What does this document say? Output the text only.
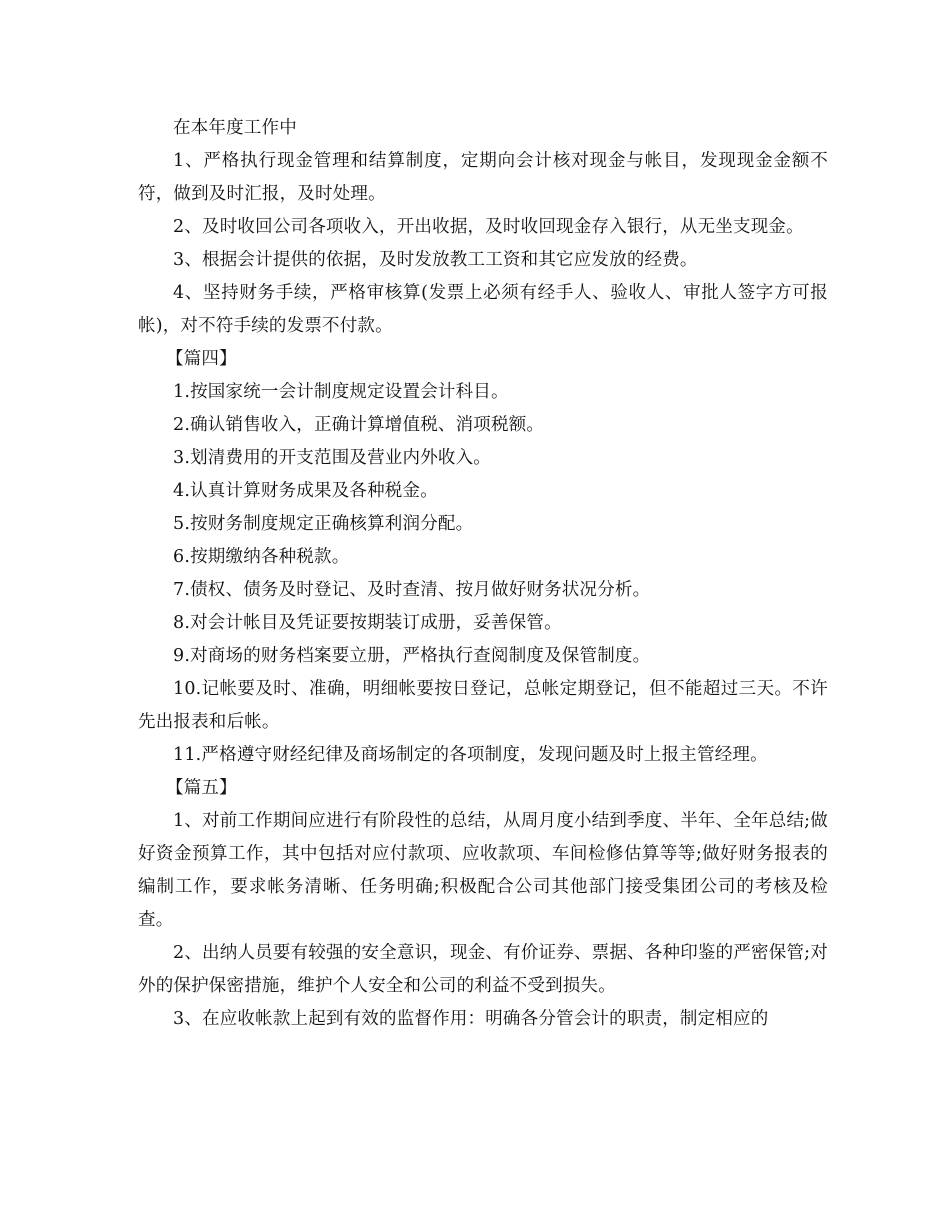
在本年度工作中

1、严格执行现金管理和结算制度，定期向会计核对现金与帐目，发现现金金额不符，做到及时汇报，及时处理。

2、及时收回公司各项收入，开出收据，及时收回现金存入银行，从无坐支现金。

3、根据会计提供的依据，及时发放教工工资和其它应发放的经费。

4、坚持财务手续，严格审核算(发票上必须有经手人、验收人、审批人签字方可报帐)，对不符手续的发票不付款。

【篇四】

1.按国家统一会计制度规定设置会计科目。

2.确认销售收入，正确计算增值税、消项税额。

3.划清费用的开支范围及营业内外收入。

4.认真计算财务成果及各种税金。

5.按财务制度规定正确核算利润分配。

6.按期缴纳各种税款。

7.债权、债务及时登记、及时查清、按月做好财务状况分析。

8.对会计帐目及凭证要按期装订成册，妥善保管。

9.对商场的财务档案要立册，严格执行查阅制度及保管制度。

10.记帐要及时、准确，明细帐要按日登记，总帐定期登记，但不能超过三天。不许先出报表和后帐。

11.严格遵守财经纪律及商场制定的各项制度，发现问题及时上报主管经理。

【篇五】

1、对前工作期间应进行有阶段性的总结，从周月度小结到季度、半年、全年总结;做好资金预算工作，其中包括对应付款项、应收款项、车间检修估算等等;做好财务报表的编制工作，要求帐务清晰、任务明确;积极配合公司其他部门接受集团公司的考核及检查。

2、出纳人员要有较强的安全意识，现金、有价证券、票据、各种印鉴的严密保管;对外的保护保密措施，维护个人安全和公司的利益不受到损失。

3、在应收帐款上起到有效的监督作用：明确各分管会计的职责，制定相应的
